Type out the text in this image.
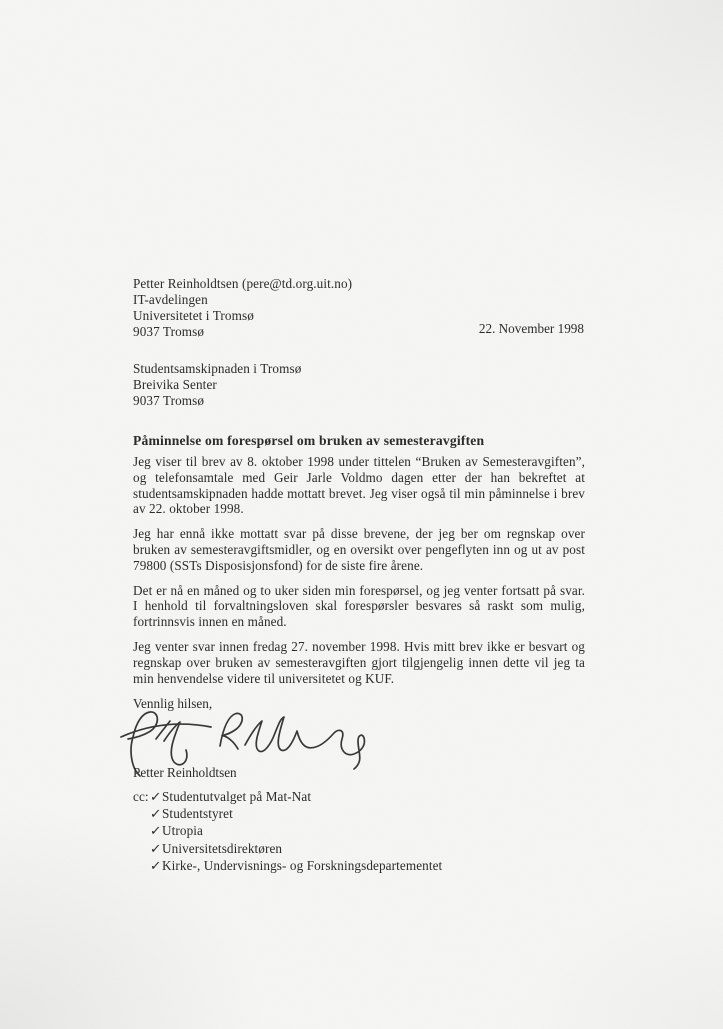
Petter Reinholdtsen (pere@td.org.uit.no)
IT-avdelingen
Universitetet i Tromsø
9037 Tromsø	22. November 1998
Studentsamskipnaden i Tromsø
Breivika Senter
9037 Tromsø
Påminnelse om forespørsel om bruken av semesteravgiften

Jeg viser til brev av 8. oktober 1998 under tittelen “Bruken av Semesteravgiften”, og telefonsamtale med Geir Jarle Voldmo dagen etter der han bekreftet at studentsamskipnaden hadde mottatt brevet. Jeg viser også til min påminnelse i brev av 22. oktober 1998.

Jeg har ennå ikke mottatt svar på disse brevene, der jeg ber om regnskap over bruken av semesteravgiftsmidler, og en oversikt over pengeflyten inn og ut av post 79800 (SSTs Disposisjonsfond) for de siste fire årene.

Det er nå en måned og to uker siden min forespørsel, og jeg venter fortsatt på svar. I henhold til forvaltningsloven skal forespørsler besvares så raskt som mulig, fortrinnsvis innen en måned.

Jeg venter svar innen fredag 27. november 1998. Hvis mitt brev ikke er besvart og regnskap over bruken av semesteravgiften gjort tilgjengelig innen dette vil jeg ta min henvendelse videre til universitetet og KUF.

Vennlig hilsen,
Petter Reinholdtsen
cc: ✓ Studentutvalget på Mat-Nat
✓ Studentstyret
✓ Utropia
✓ Universitetsdirektøren
✓ Kirke-, Undervisnings- og Forskningsdepartementet
